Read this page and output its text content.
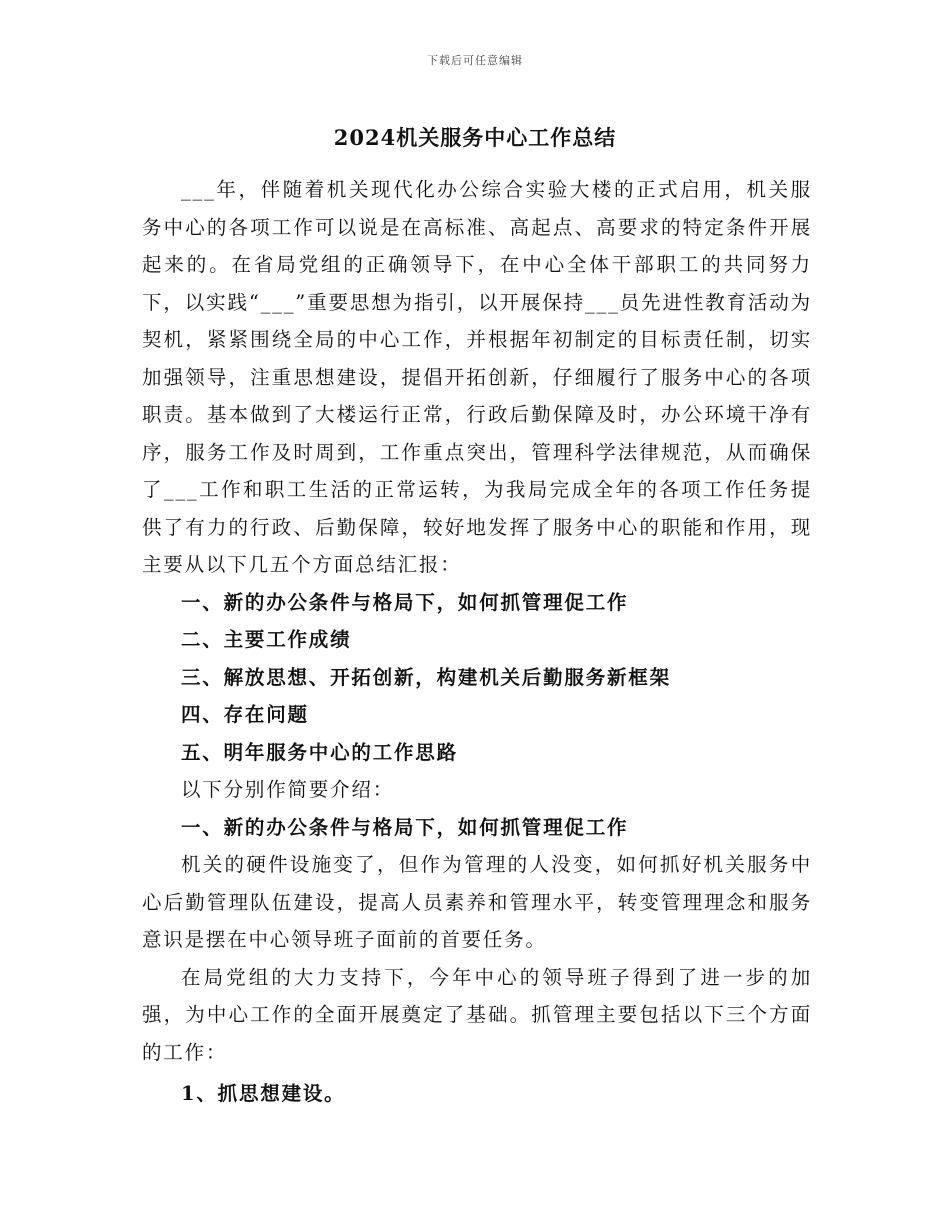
下载后可任意编辑
2024机关服务中心工作总结

___年，伴随着机关现代化办公综合实验大楼的正式启用，机关服务中心的各项工作可以说是在高标准、高起点、高要求的特定条件开展起来的。在省局党组的正确领导下，在中心全体干部职工的共同努力下，以实践“___”重要思想为指引，以开展保持___员先进性教育活动为契机，紧紧围绕全局的中心工作，并根据年初制定的目标责任制，切实加强领导，注重思想建设，提倡开拓创新，仔细履行了服务中心的各项职责。基本做到了大楼运行正常，行政后勤保障及时，办公环境干净有序，服务工作及时周到，工作重点突出，管理科学法律规范，从而确保了___工作和职工生活的正常运转，为我局完成全年的各项工作任务提供了有力的行政、后勤保障，较好地发挥了服务中心的职能和作用，现主要从以下几五个方面总结汇报：

一、新的办公条件与格局下，如何抓管理促工作

二、主要工作成绩

三、解放思想、开拓创新，构建机关后勤服务新框架

四、存在问题

五、明年服务中心的工作思路

以下分别作简要介绍：

一、新的办公条件与格局下，如何抓管理促工作

机关的硬件设施变了，但作为管理的人没变，如何抓好机关服务中心后勤管理队伍建设，提高人员素养和管理水平，转变管理理念和服务意识是摆在中心领导班子面前的首要任务。

在局党组的大力支持下，今年中心的领导班子得到了进一步的加强，为中心工作的全面开展奠定了基础。抓管理主要包括以下三个方面的工作：

1、抓思想建设。
